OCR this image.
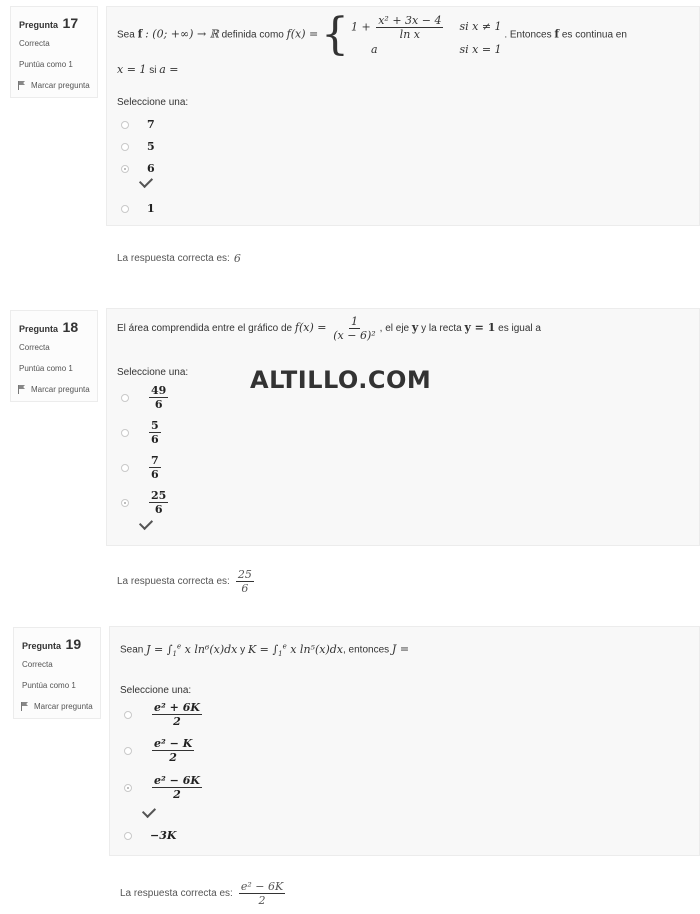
Pregunta 17
Correcta
Puntúa como 1
Marcar pregunta
Sea f : (0; +∞) → ℝ definida como f(x) = { $1 + \frac{\text{x² + 3x − 4}}{\text{ln x}}$ si x ≠ 1
a	si x = 1
. Entonces f es continua en
x = 1 si a =
Seleccione una:
7
5
6
1
La respuesta correcta es: 6
Pregunta 18
Correcta
Puntúa como 1
Marcar pregunta
El área comprendida entre el gráfico de $f(x) = \frac{1}{\text{(x − 6)²}}$ , el eje y y la recta y = 1 es igual a
Seleccione una:
$\frac{49}{6}$
$\frac{5}{6}$
$\frac{7}{6}$
$\frac{25}{6}$
ALTILLO.COM
La respuesta correcta es: $\frac{25}{6}$
Pregunta 19
Correcta
Puntúa como 1
Marcar pregunta
Sean $J = \int_1^e$ x ln⁶(x)dx y $K = \int_1^e$ x ln⁵(x)dx, entonces J =
Seleccione una:
$\frac{\text{e² + 6K}}{2}$
$\frac{\text{e² − K}}{2}$
$\frac{\text{e² − 6K}}{2}$
−3K
La respuesta correcta es: $\frac{\text{e² − 6K}}{2}$
